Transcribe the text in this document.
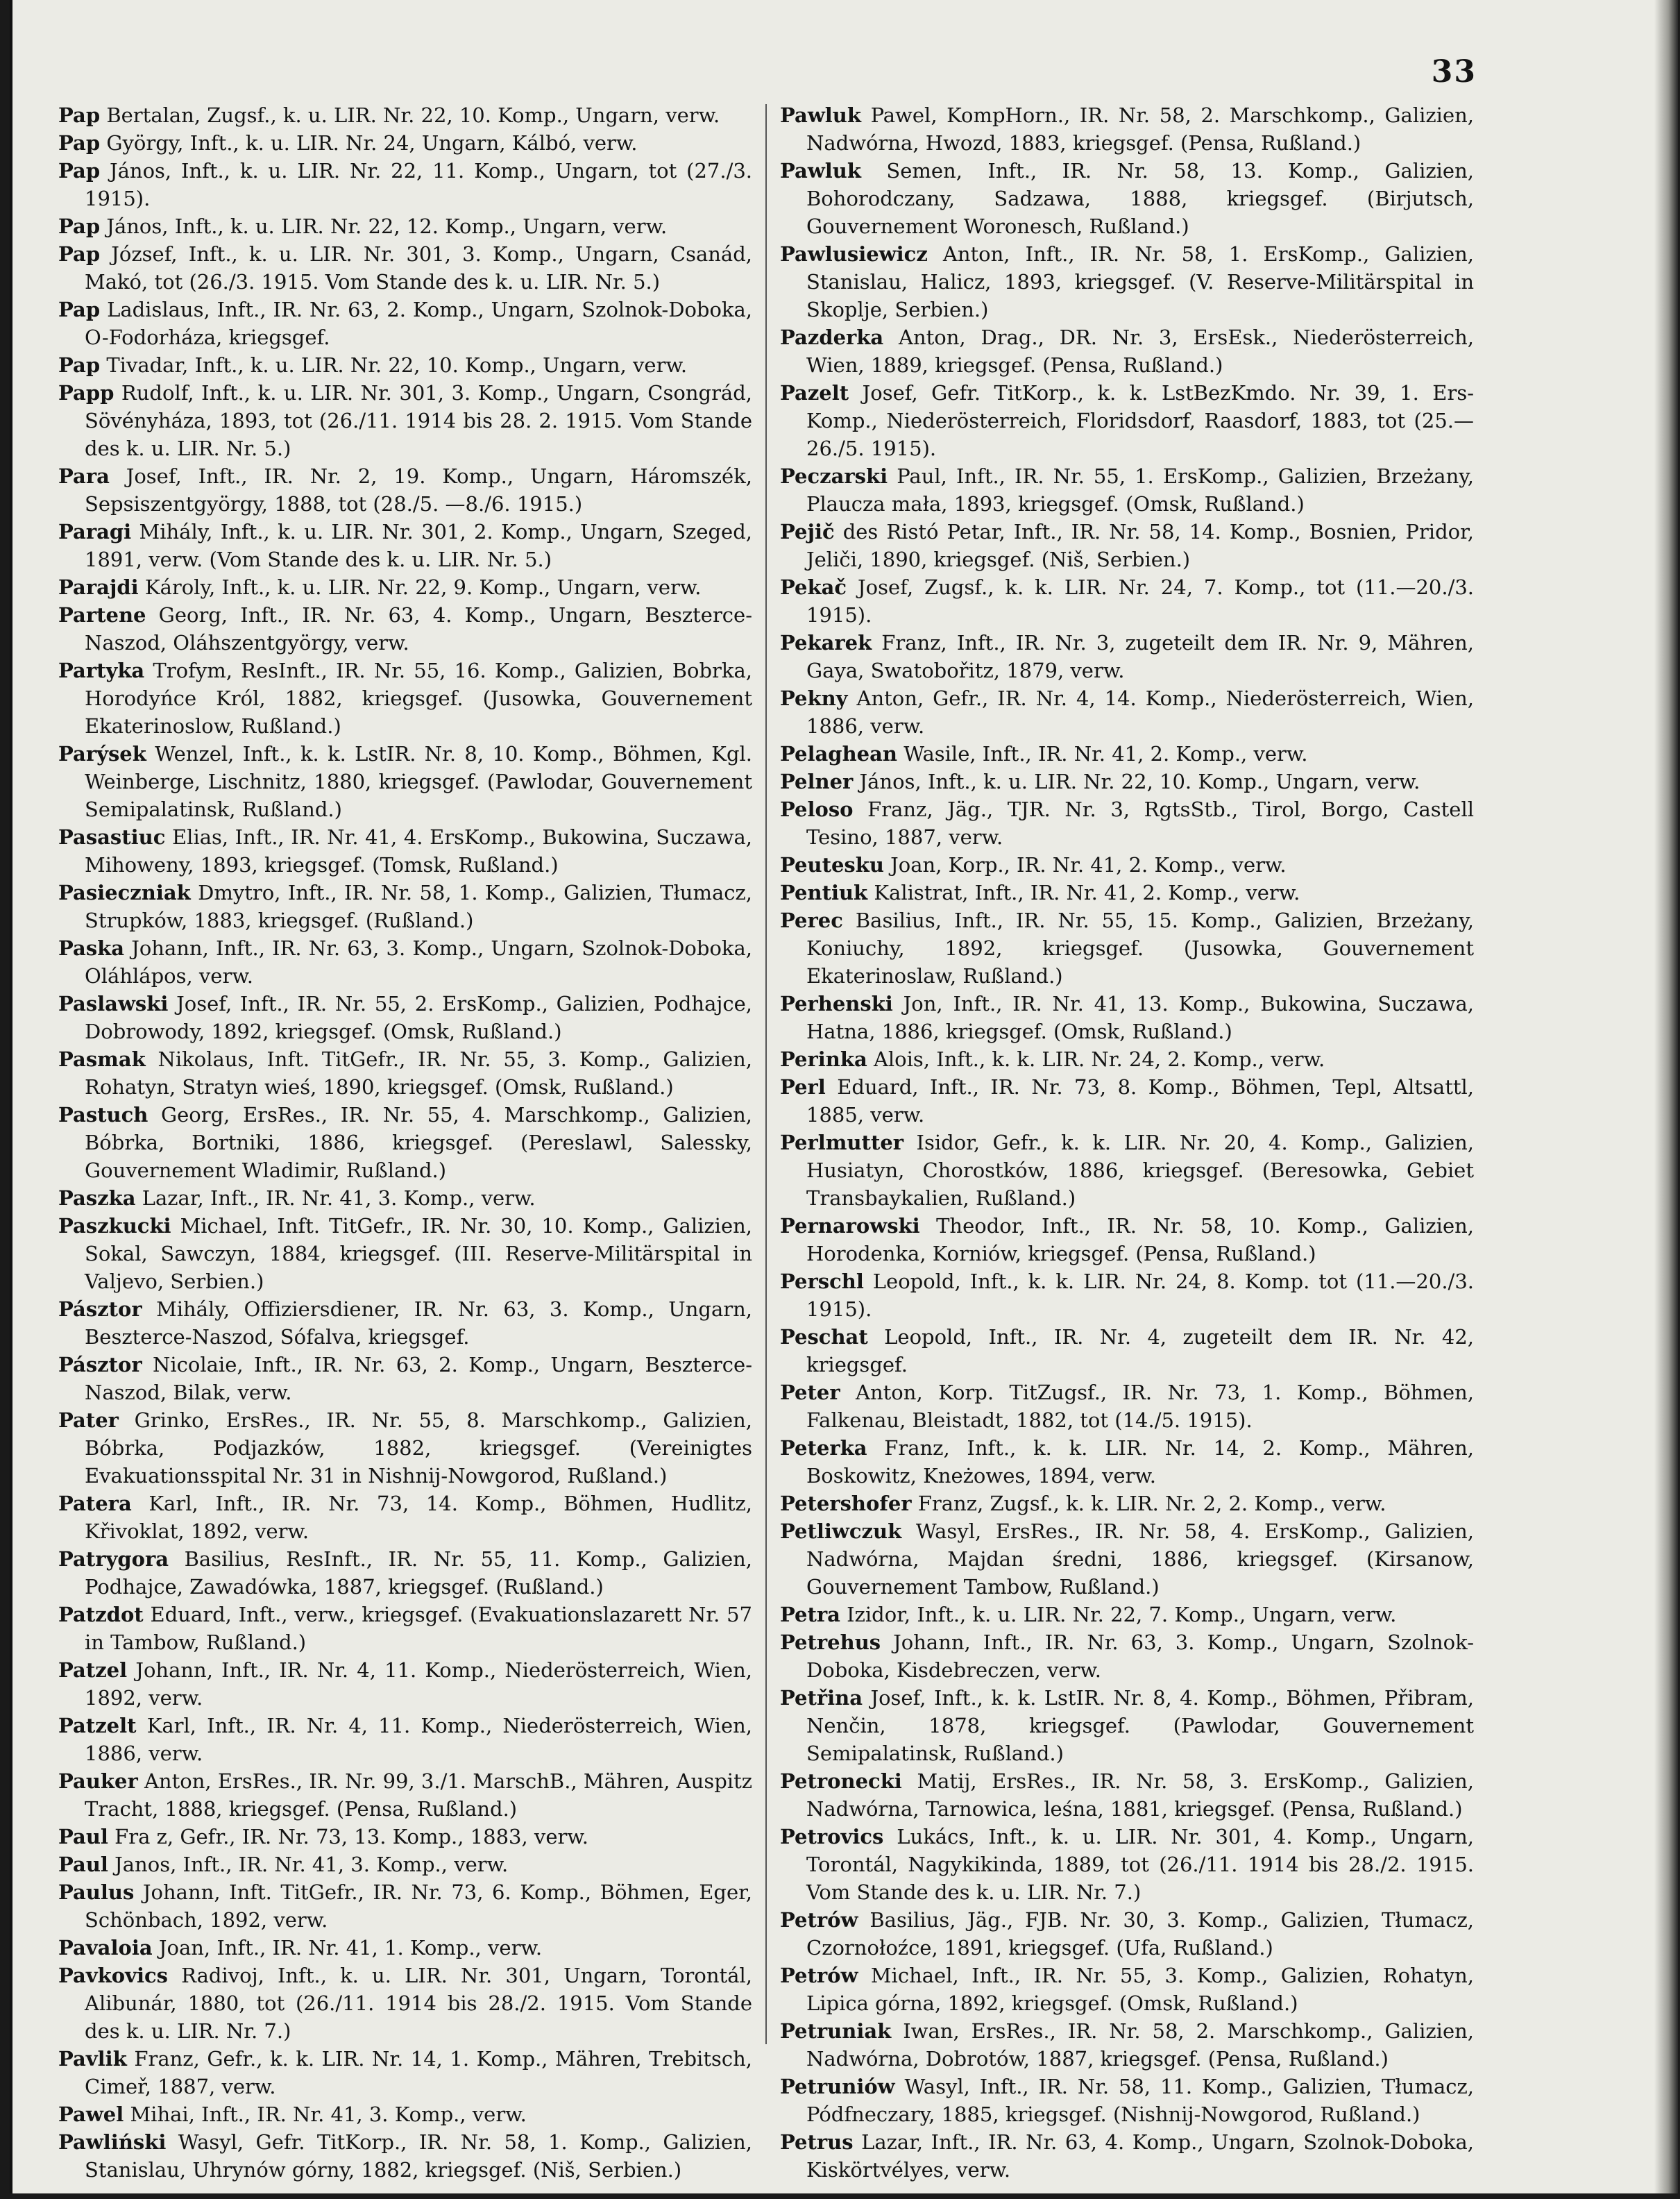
33

Pap Bertalan, Zugsf., k. u. LIR. Nr. 22, 10. Komp., Ungarn, verw.

Pap György, Inft., k. u. LIR. Nr. 24, Ungarn, Kálbó, verw.

Pap János, Inft., k. u. LIR. Nr. 22, 11. Komp., Ungarn, tot (27./3. 1915).

Pap János, Inft., k. u. LIR. Nr. 22, 12. Komp., Ungarn, verw.

Pap József, Inft., k. u. LIR. Nr. 301, 3. Komp., Ungarn, Csanád, Makó, tot (26./3. 1915. Vom Stande des k. u. LIR. Nr. 5.)

Pap Ladislaus, Inft., IR. Nr. 63, 2. Komp., Ungarn, Szolnok-Doboka, O-Fodorháza, kriegsgef.

Pap Tivadar, Inft., k. u. LIR. Nr. 22, 10. Komp., Ungarn, verw.

Papp Rudolf, Inft., k. u. LIR. Nr. 301, 3. Komp., Ungarn, Csongrád, Sövényháza, 1893, tot (26./11. 1914 bis 28. 2. 1915. Vom Stande des k. u. LIR. Nr. 5.)

Para Josef, Inft., IR. Nr. 2, 19. Komp., Ungarn, Háromszék, Sepsiszentgyörgy, 1888, tot (28./5. —8./6. 1915.)

Paragi Mihály, Inft., k. u. LIR. Nr. 301, 2. Komp., Ungarn, Szeged, 1891, verw. (Vom Stande des k. u. LIR. Nr. 5.)

Parajdi Károly, Inft., k. u. LIR. Nr. 22, 9. Komp., Ungarn, verw.

Partene Georg, Inft., IR. Nr. 63, 4. Komp., Ungarn, Beszterce-Naszod, Oláhszentgyörgy, verw.

Partyka Trofym, ResInft., IR. Nr. 55, 16. Komp., Galizien, Bobrka, Horodyńce Król, 1882, kriegsgef. (Jusowka, Gouvernement Ekaterinoslow, Rußland.)

Parýsek Wenzel, Inft., k. k. LstIR. Nr. 8, 10. Komp., Böhmen, Kgl. Weinberge, Lischnitz, 1880, kriegsgef. (Pawlodar, Gouvernement Semipalatinsk, Rußland.)

Pasastiuc Elias, Inft., IR. Nr. 41, 4. ErsKomp., Bukowina, Suczawa, Mihoweny, 1893, kriegsgef. (Tomsk, Rußland.)

Pasieczniak Dmytro, Inft., IR. Nr. 58, 1. Komp., Galizien, Tłumacz, Strupków, 1883, kriegsgef. (Rußland.)

Paska Johann, Inft., IR. Nr. 63, 3. Komp., Ungarn, Szolnok-Doboka, Oláhlápos, verw.

Paslawski Josef, Inft., IR. Nr. 55, 2. ErsKomp., Galizien, Podhajce, Dobrowody, 1892, kriegsgef. (Omsk, Rußland.)

Pasmak Nikolaus, Inft. TitGefr., IR. Nr. 55, 3. Komp., Galizien, Rohatyn, Stratyn wieś, 1890, kriegsgef. (Omsk, Rußland.)

Pastuch Georg, ErsRes., IR. Nr. 55, 4. Marschkomp., Galizien, Bóbrka, Bortniki, 1886, kriegsgef. (Pereslawl, Salessky, Gouvernement Wladimir, Rußland.)

Paszka Lazar, Inft., IR. Nr. 41, 3. Komp., verw.

Paszkucki Michael, Inft. TitGefr., IR. Nr. 30, 10. Komp., Galizien, Sokal, Sawczyn, 1884, kriegsgef. (III. Reserve-Militärspital in Valjevo, Serbien.)

Pásztor Mihály, Offiziersdiener, IR. Nr. 63, 3. Komp., Ungarn, Beszterce-Naszod, Sófalva, kriegsgef.

Pásztor Nicolaie, Inft., IR. Nr. 63, 2. Komp., Ungarn, Beszterce-Naszod, Bilak, verw.

Pater Grinko, ErsRes., IR. Nr. 55, 8. Marschkomp., Galizien, Bóbrka, Podjazków, 1882, kriegsgef. (Vereinigtes Evakuationsspital Nr. 31 in Nishnij-Nowgorod, Rußland.)

Patera Karl, Inft., IR. Nr. 73, 14. Komp., Böhmen, Hudlitz, Křivoklat, 1892, verw.

Patrygora Basilius, ResInft., IR. Nr. 55, 11. Komp., Galizien, Podhajce, Zawadówka, 1887, kriegsgef. (Rußland.)

Patzdot Eduard, Inft., verw., kriegsgef. (Evakuationslazarett Nr. 57 in Tambow, Rußland.)

Patzel Johann, Inft., IR. Nr. 4, 11. Komp., Niederösterreich, Wien, 1892, verw.

Patzelt Karl, Inft., IR. Nr. 4, 11. Komp., Niederösterreich, Wien, 1886, verw.

Pauker Anton, ErsRes., IR. Nr. 99, 3./1. MarschB., Mähren, Auspitz Tracht, 1888, kriegsgef. (Pensa, Rußland.)

Paul Fra z, Gefr., IR. Nr. 73, 13. Komp., 1883, verw.

Paul Janos, Inft., IR. Nr. 41, 3. Komp., verw.

Paulus Johann, Inft. TitGefr., IR. Nr. 73, 6. Komp., Böhmen, Eger, Schönbach, 1892, verw.

Pavaloia Joan, Inft., IR. Nr. 41, 1. Komp., verw.

Pavkovics Radivoj, Inft., k. u. LIR. Nr. 301, Ungarn, Torontál, Alibunár, 1880, tot (26./11. 1914 bis 28./2. 1915. Vom Stande des k. u. LIR. Nr. 7.)

Pavlik Franz, Gefr., k. k. LIR. Nr. 14, 1. Komp., Mähren, Trebitsch, Cimeř, 1887, verw.

Pawel Mihai, Inft., IR. Nr. 41, 3. Komp., verw.

Pawliński Wasyl, Gefr. TitKorp., IR. Nr. 58, 1. Komp., Galizien, Stanislau, Uhrynów górny, 1882, kriegsgef. (Niš, Serbien.)

Pawluk Pawel, KompHorn., IR. Nr. 58, 2. Marschkomp., Galizien, Nadwórna, Hwozd, 1883, kriegsgef. (Pensa, Rußland.)

Pawluk Semen, Inft., IR. Nr. 58, 13. Komp., Galizien, Bohorodczany, Sadzawa, 1888, kriegsgef. (Birjutsch, Gouvernement Woronesch, Rußland.)

Pawlusiewicz Anton, Inft., IR. Nr. 58, 1. ErsKomp., Galizien, Stanislau, Halicz, 1893, kriegsgef. (V. Reserve-Militärspital in Skoplje, Serbien.)

Pazderka Anton, Drag., DR. Nr. 3, ErsEsk., Niederösterreich, Wien, 1889, kriegsgef. (Pensa, Rußland.)

Pazelt Josef, Gefr. TitKorp., k. k. LstBezKmdo. Nr. 39, 1. Ers-Komp., Niederösterreich, Floridsdorf, Raasdorf, 1883, tot (25.—26./5. 1915).

Peczarski Paul, Inft., IR. Nr. 55, 1. ErsKomp., Galizien, Brzeżany, Plaucza mała, 1893, kriegsgef. (Omsk, Rußland.)

Pejič des Ristó Petar, Inft., IR. Nr. 58, 14. Komp., Bosnien, Pridor, Jeliči, 1890, kriegsgef. (Niš, Serbien.)

Pekač Josef, Zugsf., k. k. LIR. Nr. 24, 7. Komp., tot (11.—20./3. 1915).

Pekarek Franz, Inft., IR. Nr. 3, zugeteilt dem IR. Nr. 9, Mähren, Gaya, Swatobořitz, 1879, verw.

Pekny Anton, Gefr., IR. Nr. 4, 14. Komp., Niederösterreich, Wien, 1886, verw.

Pelaghean Wasile, Inft., IR. Nr. 41, 2. Komp., verw.

Pelner János, Inft., k. u. LIR. Nr. 22, 10. Komp., Ungarn, verw.

Peloso Franz, Jäg., TJR. Nr. 3, RgtsStb., Tirol, Borgo, Castell Tesino, 1887, verw.

Peutesku Joan, Korp., IR. Nr. 41, 2. Komp., verw.

Pentiuk Kalistrat, Inft., IR. Nr. 41, 2. Komp., verw.

Perec Basilius, Inft., IR. Nr. 55, 15. Komp., Galizien, Brzeżany, Koniuchy, 1892, kriegsgef. (Jusowka, Gouvernement Ekaterinoslaw, Rußland.)

Perhenski Jon, Inft., IR. Nr. 41, 13. Komp., Bukowina, Suczawa, Hatna, 1886, kriegsgef. (Omsk, Rußland.)

Perinka Alois, Inft., k. k. LIR. Nr. 24, 2. Komp., verw.

Perl Eduard, Inft., IR. Nr. 73, 8. Komp., Böhmen, Tepl, Altsattl, 1885, verw.

Perlmutter Isidor, Gefr., k. k. LIR. Nr. 20, 4. Komp., Galizien, Husiatyn, Chorostków, 1886, kriegsgef. (Beresowka, Gebiet Transbaykalien, Rußland.)

Pernarowski Theodor, Inft., IR. Nr. 58, 10. Komp., Galizien, Horodenka, Korniów, kriegsgef. (Pensa, Rußland.)

Perschl Leopold, Inft., k. k. LIR. Nr. 24, 8. Komp. tot (11.—20./3. 1915).

Peschat Leopold, Inft., IR. Nr. 4, zugeteilt dem IR. Nr. 42, kriegsgef.

Peter Anton, Korp. TitZugsf., IR. Nr. 73, 1. Komp., Böhmen, Falkenau, Bleistadt, 1882, tot (14./5. 1915).

Peterka Franz, Inft., k. k. LIR. Nr. 14, 2. Komp., Mähren, Boskowitz, Kneżowes, 1894, verw.

Petershofer Franz, Zugsf., k. k. LIR. Nr. 2, 2. Komp., verw.

Petliwczuk Wasyl, ErsRes., IR. Nr. 58, 4. ErsKomp., Galizien, Nadwórna, Majdan średni, 1886, kriegsgef. (Kirsanow, Gouvernement Tambow, Rußland.)

Petra Izidor, Inft., k. u. LIR. Nr. 22, 7. Komp., Ungarn, verw.

Petrehus Johann, Inft., IR. Nr. 63, 3. Komp., Ungarn, Szolnok-Doboka, Kisdebreczen, verw.

Petřina Josef, Inft., k. k. LstIR. Nr. 8, 4. Komp., Böhmen, Přibram, Nenčin, 1878, kriegsgef. (Pawlodar, Gouvernement Semipalatinsk, Rußland.)

Petronecki Matij, ErsRes., IR. Nr. 58, 3. ErsKomp., Galizien, Nadwórna, Tarnowica, leśna, 1881, kriegsgef. (Pensa, Rußland.)

Petrovics Lukács, Inft., k. u. LIR. Nr. 301, 4. Komp., Ungarn, Torontál, Nagykikinda, 1889, tot (26./11. 1914 bis 28./2. 1915. Vom Stande des k. u. LIR. Nr. 7.)

Petrów Basilius, Jäg., FJB. Nr. 30, 3. Komp., Galizien, Tłumacz, Czornołoźce, 1891, kriegsgef. (Ufa, Rußland.)

Petrów Michael, Inft., IR. Nr. 55, 3. Komp., Galizien, Rohatyn, Lipica górna, 1892, kriegsgef. (Omsk, Rußland.)

Petruniak Iwan, ErsRes., IR. Nr. 58, 2. Marschkomp., Galizien, Nadwórna, Dobrotów, 1887, kriegsgef. (Pensa, Rußland.)

Petruniów Wasyl, Inft., IR. Nr. 58, 11. Komp., Galizien, Tłumacz, Pódfneczary, 1885, kriegsgef. (Nishnij-Nowgorod, Rußland.)

Petrus Lazar, Inft., IR. Nr. 63, 4. Komp., Ungarn, Szolnok-Doboka, Kiskörtvélyes, verw.
